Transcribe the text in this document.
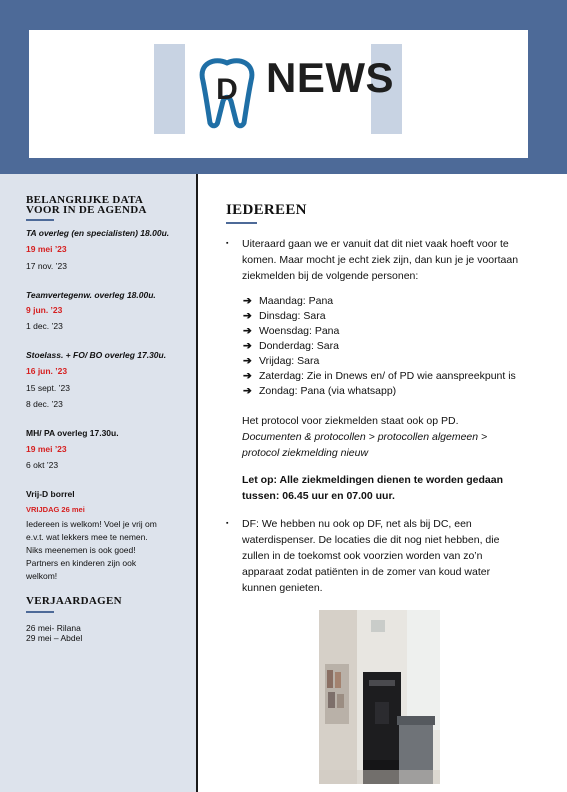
D NEWS
BELANGRIJKE DATA
VOOR IN DE AGENDA
TA overleg (en specialisten) 18.00u.
19 mei ’23
17 nov. ’23
Teamvertegenw. overleg 18.00u.
9 jun. ’23
1 dec. ’23
Stoelass. + FO/ BO overleg 17.30u.
16 jun. ’23
15 sept. ’23
8 dec. ’23
MH/ PA overleg 17.30u.
19 mei ’23
6 okt ’23
Vrij-D borrel
VRIJDAG 26 mei
Iedereen is welkom! Voel je vrij om
e.v.t. wat lekkers mee te nemen.
Niks meenemen is ook goed!
Partners en kinderen zijn ook
welkom!
VERJAARDAGEN
26 mei- Rilana
29 mei – Abdel
IEDEREEN
▪ Uiteraard gaan we er vanuit dat dit niet vaak hoeft voor te
komen. Maar mocht je echt ziek zijn, dan kun je je voortaan
ziekmelden bij de volgende personen:
➔ Maandag: Pana
➔ Dinsdag: Sara
➔ Woensdag: Pana
➔ Donderdag: Sara
➔ Vrijdag: Sara
➔ Zaterdag: Zie in Dnews en/ of PD wie aanspreekpunt is
➔ Zondag: Pana (via whatsapp)
Het protocol voor ziekmelden staat ook op PD.
Documenten & protocollen > protocollen algemeen >
protocol ziekmelding nieuw
Let op: Alle ziekmeldingen dienen te worden gedaan
tussen: 06.45 uur en 07.00 uur.
▪ DF: We hebben nu ook op DF, net als bij DC, een
waterdispenser. De locaties die dit nog niet hebben, die
zullen in de toekomst ook voorzien worden van zo’n
apparaat zodat patiënten in de zomer van koud water
kunnen genieten.
